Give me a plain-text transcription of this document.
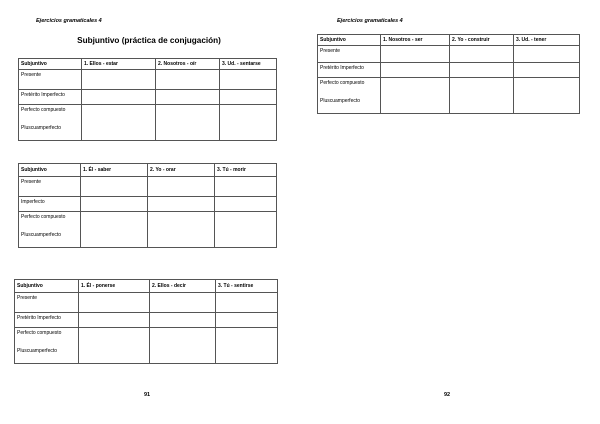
Ejercicios gramaticales 4
Subjuntivo (práctica de conjugación)
Subjuntivo	1. Ellos - estar	2. Nosotros - oír	3. Ud. - sentarse

Presente			

Pretérito Imperfecto			

Perfecto compuesto
Pluscuamperfecto			

Subjuntivo	1. Él - saber	2. Yo - orar	3. Tú - morir

Presente			

Imperfecto			

Perfecto compuesto
Pluscuamperfecto			

Subjuntivo	1. Él - ponerse	2. Ellos - decir	3. Tú - sentirse

Presente			

Pretérito Imperfecto			

Perfecto compuesto
Pluscuamperfecto			

91
Ejercicios gramaticales 4
Subjuntivo	1. Nosotros - ser	2. Yo - construir	3. Ud. - tener

Presente			

Pretérito Imperfecto			

Perfecto compuesto
Pluscuamperfecto			

92
